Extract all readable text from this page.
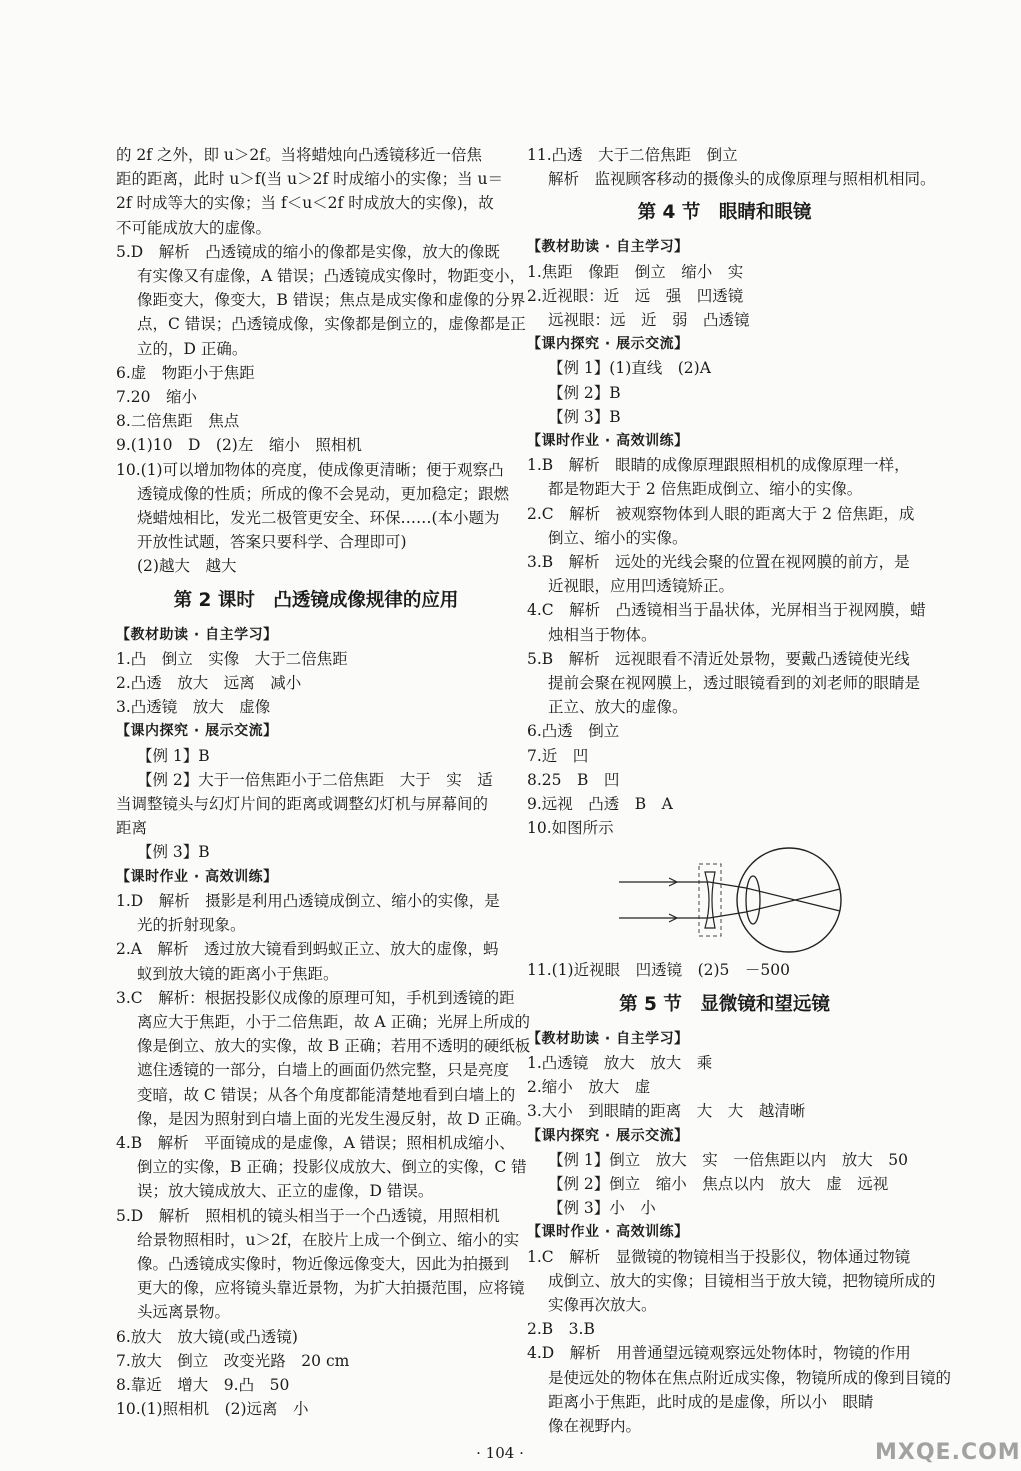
的 2f 之外，即 u＞2f。当将蜡烛向凸透镜移近一倍焦
距的距离，此时 u＞f(当 u＞2f 时成缩小的实像；当 u＝
2f 时成等大的实像；当 f＜u＜2f 时成放大的实像)，故
不可能成放大的虚像。
5.D　解析　凸透镜成的缩小的像都是实像，放大的像既
有实像又有虚像，A 错误；凸透镜成实像时，物距变小，
像距变大，像变大，B 错误；焦点是成实像和虚像的分界
点，C 错误；凸透镜成像，实像都是倒立的，虚像都是正
立的，D 正确。
6.虚　物距小于焦距
7.20　缩小
8.二倍焦距　焦点
9.(1)10　D　(2)左　缩小　照相机
10.(1)可以增加物体的亮度，使成像更清晰；便于观察凸
透镜成像的性质；所成的像不会晃动，更加稳定；跟燃
烧蜡烛相比，发光二极管更安全、环保……(本小题为
开放性试题，答案只要科学、合理即可)
(2)越大　越大
第 2 课时　凸透镜成像规律的应用
【教材助读 · 自主学习】
1.凸　倒立　实像　大于二倍焦距
2.凸透　放大　远离　减小
3.凸透镜　放大　虚像
【课内探究 · 展示交流】
【例 1】B
【例 2】大于一倍焦距小于二倍焦距　大于　实　适
当调整镜头与幻灯片间的距离或调整幻灯机与屏幕间的
距离
【例 3】B
【课时作业 · 高效训练】
1.D　解析　摄影是利用凸透镜成倒立、缩小的实像，是
光的折射现象。
2.A　解析　透过放大镜看到蚂蚁正立、放大的虚像，蚂
蚁到放大镜的距离小于焦距。
3.C　解析：根据投影仪成像的原理可知，手机到透镜的距
离应大于焦距，小于二倍焦距，故 A 正确；光屏上所成的
像是倒立、放大的实像，故 B 正确；若用不透明的硬纸板
遮住透镜的一部分，白墙上的画面仍然完整，只是亮度
变暗，故 C 错误；从各个角度都能清楚地看到白墙上的
像，是因为照射到白墙上面的光发生漫反射，故 D 正确。
4.B　解析　平面镜成的是虚像，A 错误；照相机成缩小、
倒立的实像，B 正确；投影仪成放大、倒立的实像，C 错
误；放大镜成放大、正立的虚像，D 错误。
5.D　解析　照相机的镜头相当于一个凸透镜，用照相机
给景物照相时，u＞2f，在胶片上成一个倒立、缩小的实
像。凸透镜成实像时，物近像远像变大，因此为拍摄到
更大的像，应将镜头靠近景物，为扩大拍摄范围，应将镜
头远离景物。
6.放大　放大镜(或凸透镜)
7.放大　倒立　改变光路　20 cm
8.靠近　增大　9.凸　50
10.(1)照相机　(2)远离　小
11.凸透　大于二倍焦距　倒立
解析　监视顾客移动的摄像头的成像原理与照相机相同。
第 4 节　眼睛和眼镜
【教材助读 · 自主学习】
1.焦距　像距　倒立　缩小　实
2.近视眼：近　远　强　凹透镜
远视眼：远　近　弱　凸透镜
【课内探究 · 展示交流】
【例 1】(1)直线　(2)A
【例 2】B
【例 3】B
【课时作业 · 高效训练】
1.B　解析　眼睛的成像原理跟照相机的成像原理一样，
都是物距大于 2 倍焦距成倒立、缩小的实像。
2.C　解析　被观察物体到人眼的距离大于 2 倍焦距，成
倒立、缩小的实像。
3.B　解析　远处的光线会聚的位置在视网膜的前方，是
近视眼，应用凹透镜矫正。
4.C　解析　凸透镜相当于晶状体，光屏相当于视网膜，蜡
烛相当于物体。
5.B　解析　远视眼看不清近处景物，要戴凸透镜使光线
提前会聚在视网膜上，透过眼镜看到的刘老师的眼睛是
正立、放大的虚像。
6.凸透　倒立
7.近　凹
8.25　B　凹
9.远视　凸透　B　A
10.如图所示
11.(1)近视眼　凹透镜　(2)5　－500
第 5 节　显微镜和望远镜
【教材助读 · 自主学习】
1.凸透镜　放大　放大　乘
2.缩小　放大　虚
3.大小　到眼睛的距离　大　大　越清晰
【课内探究 · 展示交流】
【例 1】倒立　放大　实　一倍焦距以内　放大　50
【例 2】倒立　缩小　焦点以内　放大　虚　远视
【例 3】小　小
【课时作业 · 高效训练】
1.C　解析　显微镜的物镜相当于投影仪，物体通过物镜
成倒立、放大的实像；目镜相当于放大镜，把物镜所成的
实像再次放大。
2.B　3.B
4.D　解析　用普通望远镜观察远处物体时，物镜的作用
是使远处的物体在焦点附近成实像，物镜所成的像到目镜的
距离小于焦距，此时成的是虚像，所以小　眼睛
像在视野内。
· 104 ·	MXQE.COM
